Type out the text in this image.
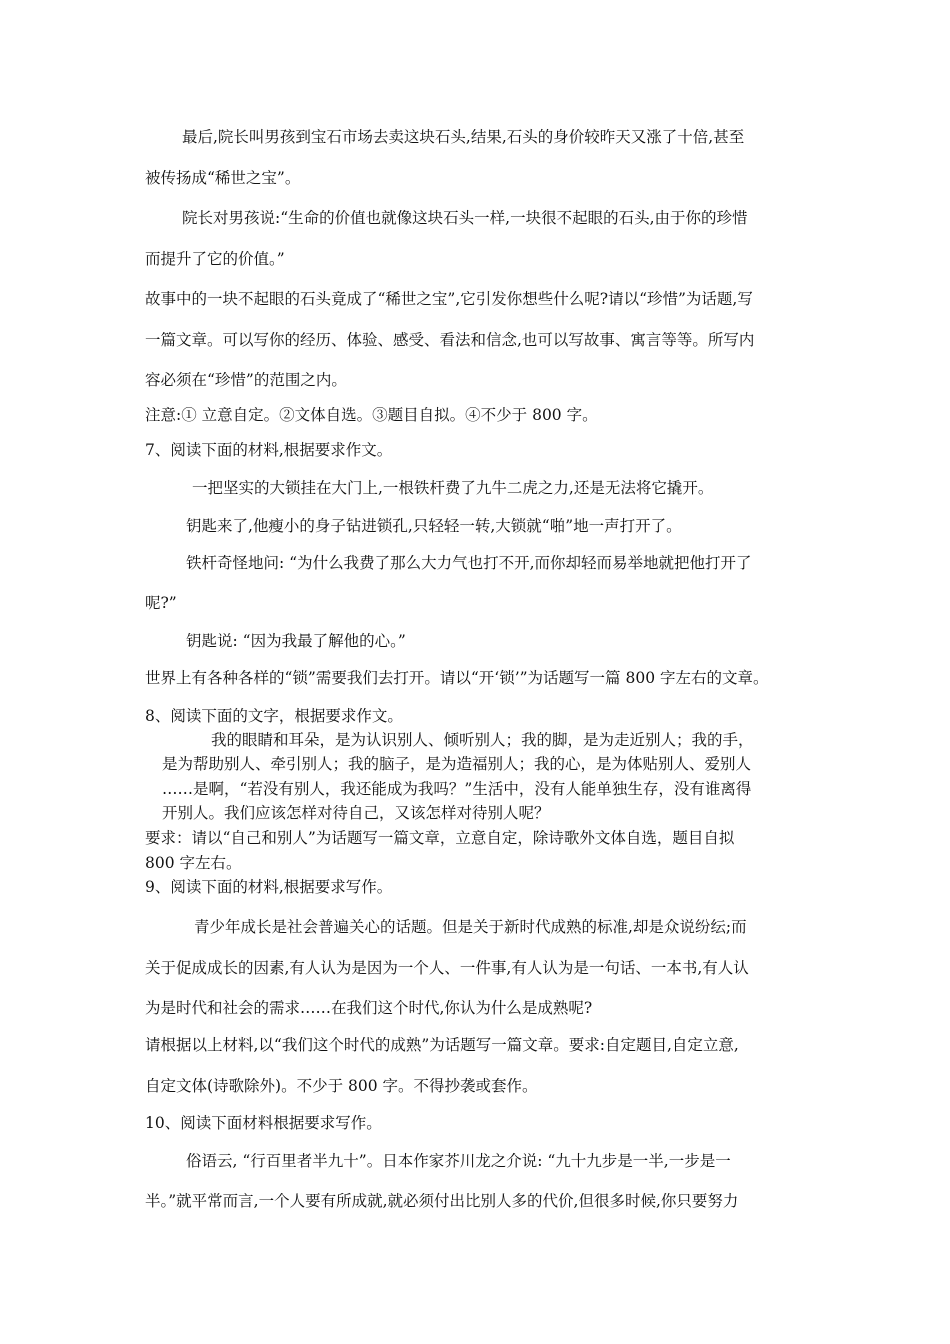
最后,院长叫男孩到宝石市场去卖这块石头,结果,石头的身价较昨天又涨了十倍,甚至
被传扬成“稀世之宝”。
院长对男孩说:“生命的价值也就像这块石头一样,一块很不起眼的石头,由于你的珍惜
而提升了它的价值。”
故事中的一块不起眼的石头竟成了“稀世之宝”,它引发你想些什么呢?请以“珍惜”为话题,写
一篇文章。可以写你的经历、体验、感受、看法和信念,也可以写故事、寓言等等。所写内
容必须在“珍惜”的范围之内。
注意:① 立意自定。②文体自选。③题目自拟。④不少于 800 字。
7、阅读下面的材料,根据要求作文。
一把坚实的大锁挂在大门上,一根铁杆费了九牛二虎之力,还是无法将它撬开。
钥匙来了,他瘦小的身子钻进锁孔,只轻轻一转,大锁就“啪”地一声打开了。
铁杆奇怪地问: “为什么我费了那么大力气也打不开,而你却轻而易举地就把他打开了
呢?”
钥匙说: “因为我最了解他的心。”
世界上有各种各样的“锁”需要我们去打开。请以“开‘锁’”为话题写一篇 800 字左右的文章。
8、阅读下面的文字，根据要求作文。
我的眼睛和耳朵，是为认识别人、倾听别人；我的脚，是为走近别人；我的手，
是为帮助别人、牵引别人；我的脑子，是为造福别人；我的心，是为体贴别人、爱别人
……是啊，“若没有别人，我还能成为我吗？”生活中，没有人能单独生存，没有谁离得
开别人。我们应该怎样对待自己，又该怎样对待别人呢？
要求：请以“自己和别人”为话题写一篇文章，立意自定，除诗歌外文体自选，题目自拟
800 字左右。
9、阅读下面的材料,根据要求写作。
青少年成长是社会普遍关心的话题。但是关于新时代成熟的标准,却是众说纷纭;而
关于促成成长的因素,有人认为是因为一个人、一件事,有人认为是一句话、一本书,有人认
为是时代和社会的需求……在我们这个时代,你认为什么是成熟呢?
请根据以上材料,以“我们这个时代的成熟”为话题写一篇文章。要求:自定题目,自定立意,
自定文体(诗歌除外)。不少于 800 字。不得抄袭或套作。
10、阅读下面材料根据要求写作。
俗语云, “行百里者半九十”。日本作家芥川龙之介说: “九十九步是一半,一步是一
半。”就平常而言,一个人要有所成就,就必须付出比别人多的代价,但很多时候,你只要努力
